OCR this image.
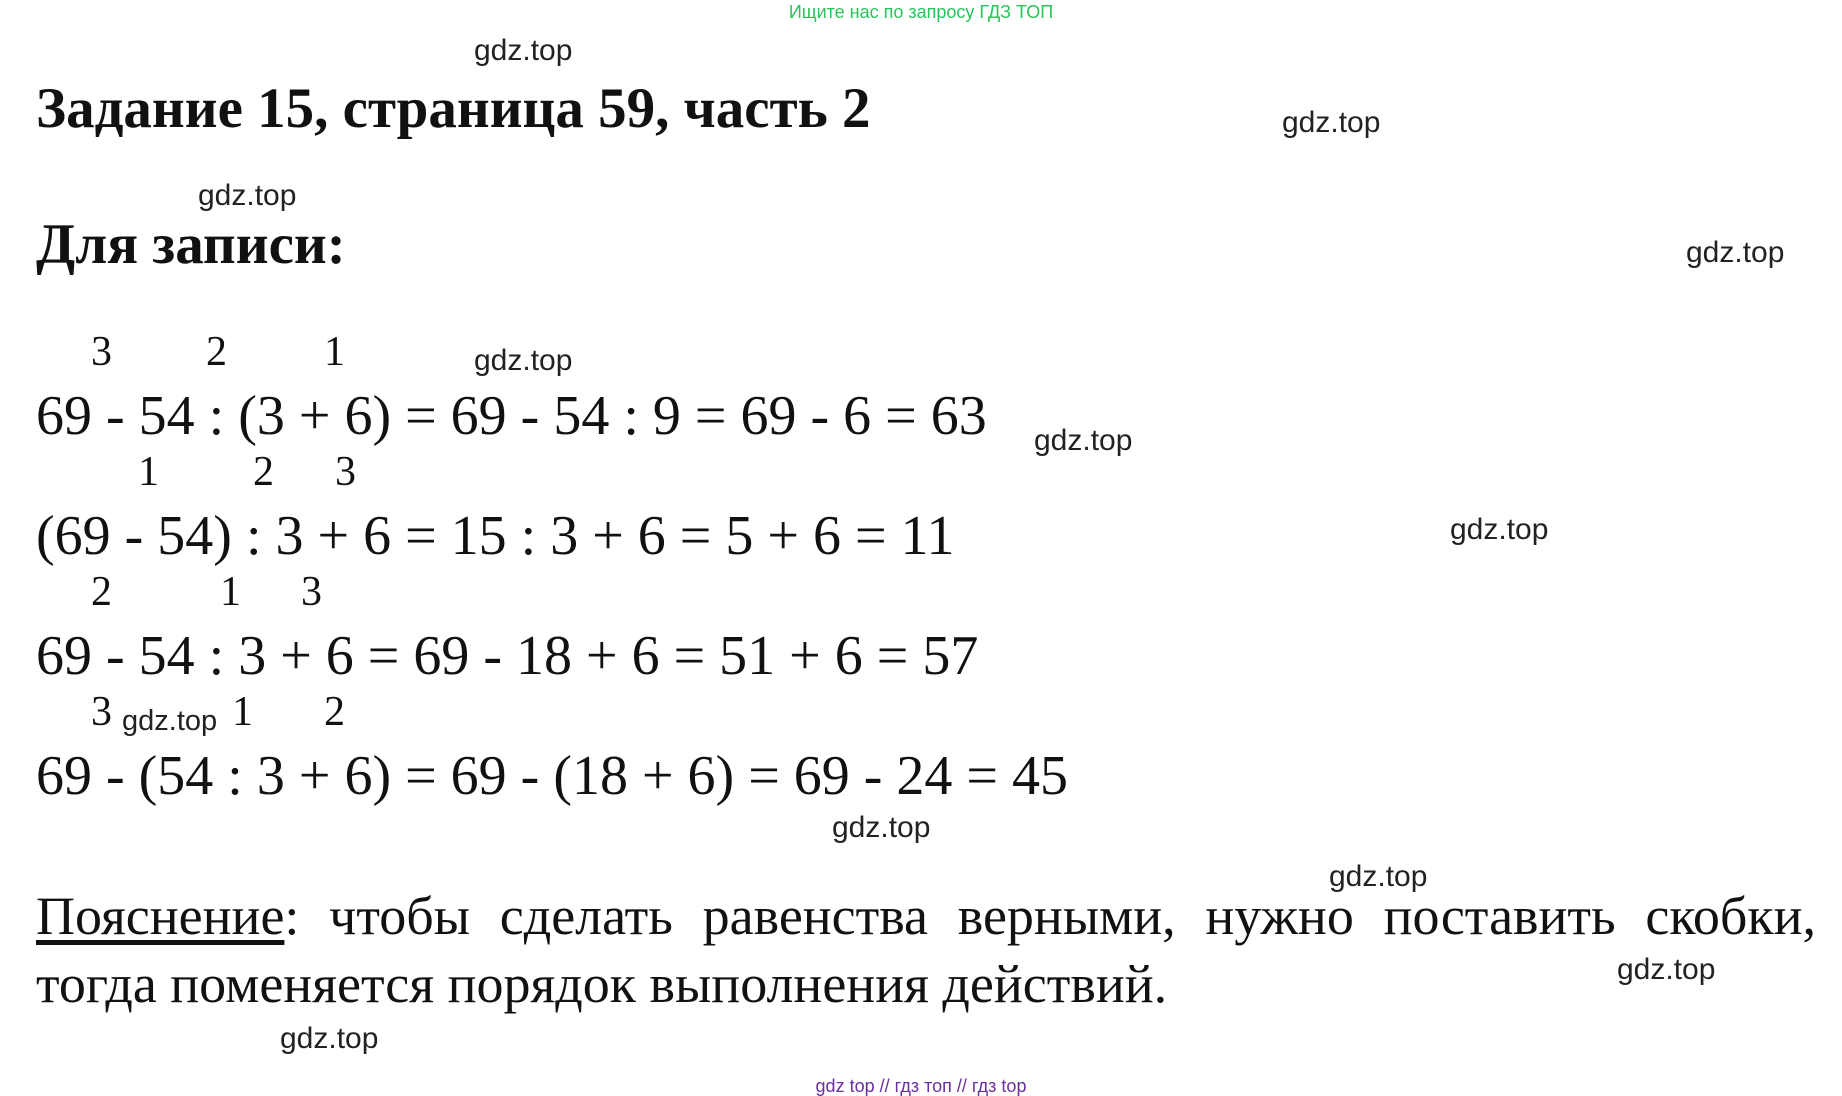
Ищите нас по запросу ГДЗ ТОП
Задание 15, страница 59, часть 2
Для записи:
3 2 1
69 - 54 : (3 + 6) = 69 - 54 : 9 = 69 - 6 = 63
1 2 3
(69 - 54) : 3 + 6 = 15 : 3 + 6 = 5 + 6 = 11
2	1 3
69 - 54 : 3 + 6 = 69 - 18 + 6 = 51 + 6 = 57
3	1 2
69 - (54 : 3 + 6) = 69 - (18 + 6) = 69 - 24 = 45

Пояснение: чтобы сделать равенства верными, нужно поставить скобки, тогда поменяется порядок выполнения действий.

gdz.top
gdz.top
gdz.top
gdz.top
gdz.top
gdz.top
gdz.top
gdz.top
gdz.top
gdz.top
gdz.top
gdz.top
gdz top // гдз топ // гдз top
